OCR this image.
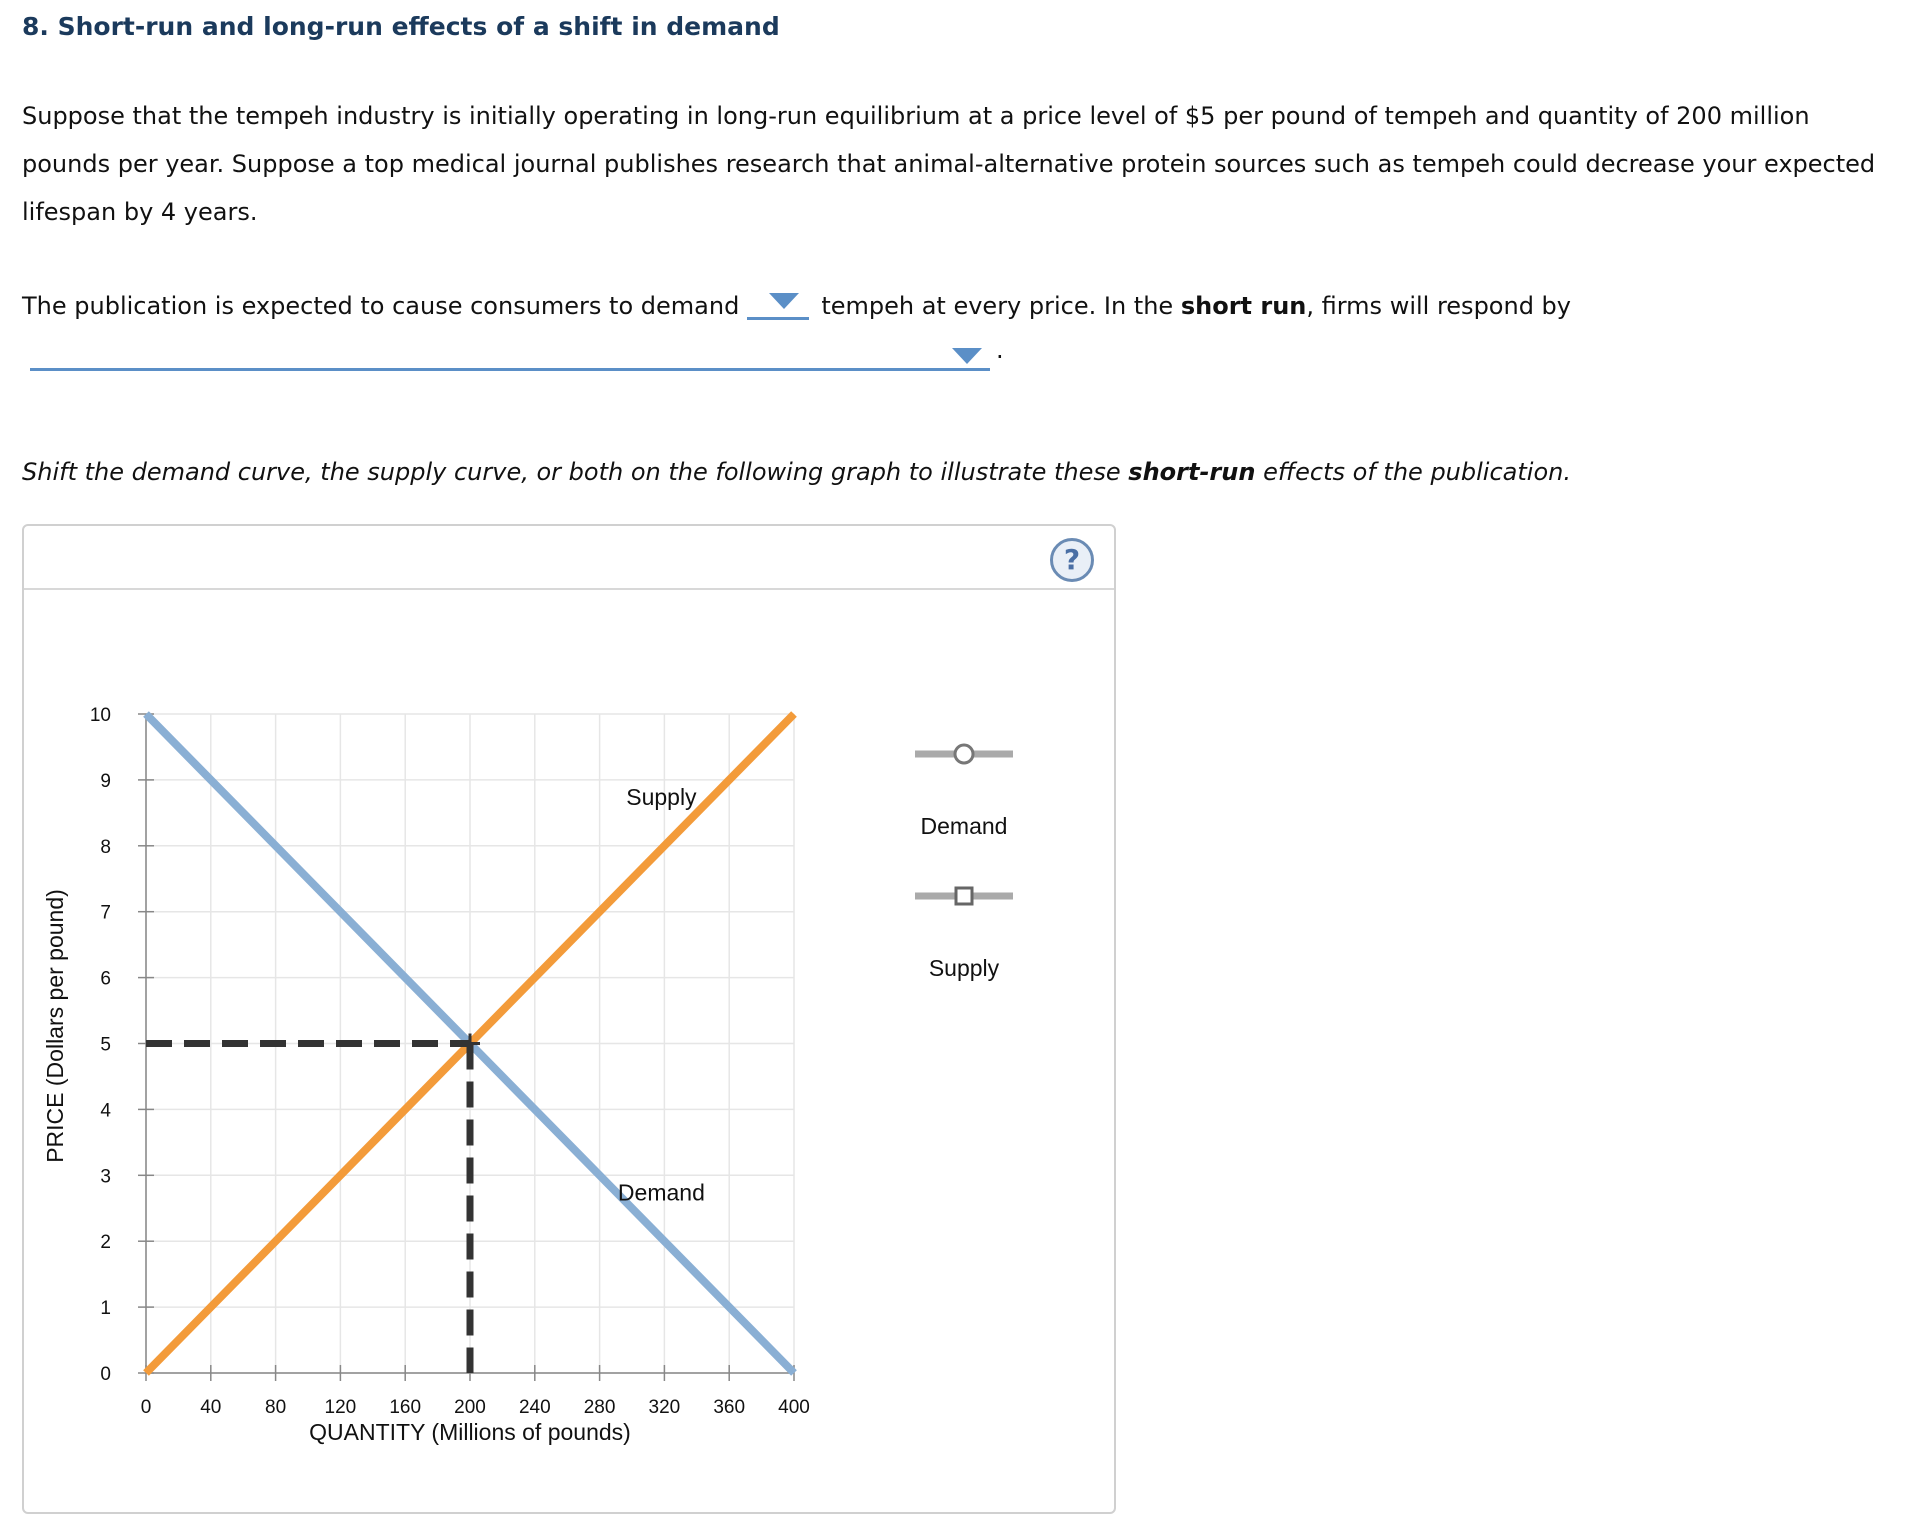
8. Short-run and long-run effects of a shift in demand

Suppose that the tempeh industry is initially operating in long-run equilibrium at a price level of $5 per pound of tempeh and quantity of 200 million pounds per year. Suppose a top medical journal publishes research that animal-alternative protein sources such as tempeh could decrease your expected lifespan by 4 years.

The publication is expected to cause consumers to demand	tempeh at every price. In the short run, firms will respond by

.

Shift the demand curve, the supply curve, or both on the following graph to illustrate these short-run effects of the publication.

?
0	40 80 120 160 200 240 280 320 360 400
0
1
2
3
4
5
6
7
8
9
10
Demand
Supply
QUANTITY (Millions of pounds)
PRICE (Dollars per pound)
Demand
Supply
